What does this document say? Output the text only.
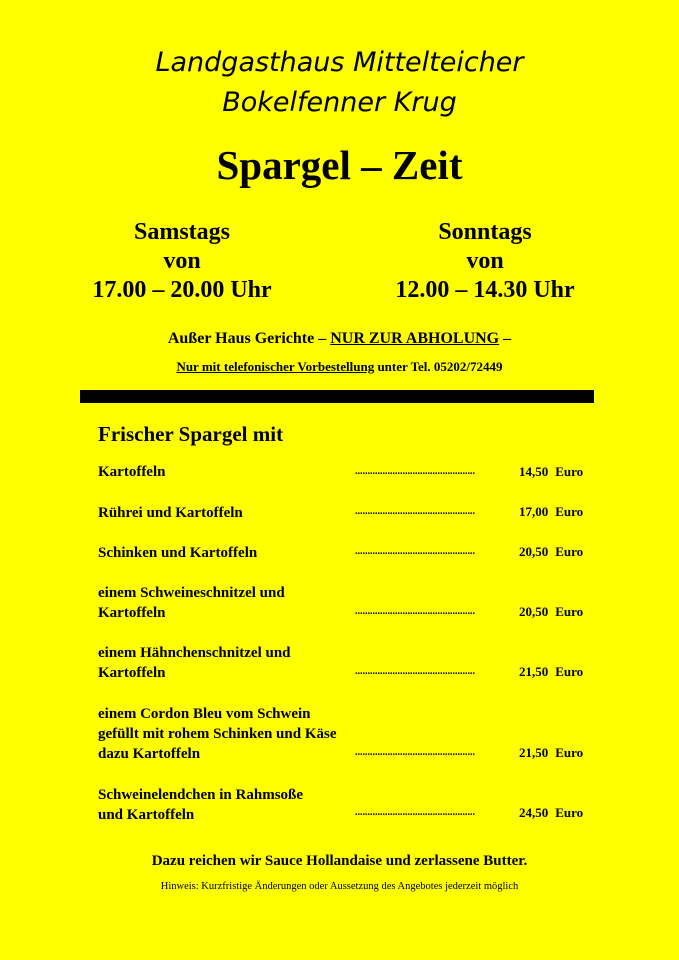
Landgasthaus Mittelteicher
Bokelfenner Krug
Spargel – Zeit
Samstags
von
17.00 – 20.00 Uhr
Sonntags
von
12.00 – 14.30 Uhr
Außer Haus Gerichte – NUR ZUR ABHOLUNG –
Nur mit telefonischer Vorbestellung unter Tel. 05202/72449
Frischer Spargel mit
Kartoffeln	................................................	14,50 Euro
Rührei und Kartoffeln	................................................	17,00 Euro
Schinken und Kartoffeln	................................................	20,50 Euro
einem Schweineschnitzel und
Kartoffeln	................................................	20,50 Euro
einem Hähnchenschnitzel und
Kartoffeln	................................................	21,50 Euro
einem Cordon Bleu vom Schwein
gefüllt mit rohem Schinken und Käse
dazu Kartoffeln	................................................	21,50 Euro
Schweinelendchen in Rahmsoße
und Kartoffeln	................................................	24,50 Euro
Dazu reichen wir Sauce Hollandaise und zerlassene Butter.
Hinweis: Kurzfristige Änderungen oder Aussetzung des Angebotes jederzeit möglich
